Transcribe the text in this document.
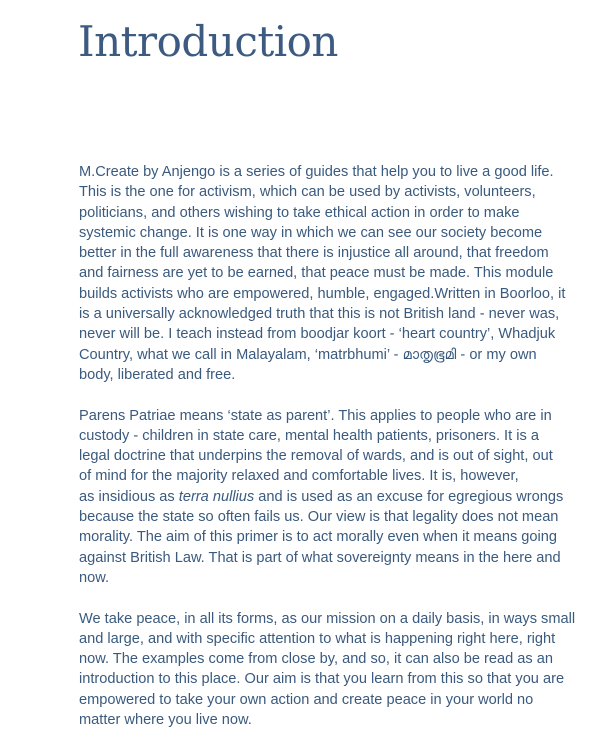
Introduction

M.Create by Anjengo is a series of guides that help you to live a good life.
This is the one for activism, which can be used by activists, volunteers,
politicians, and others wishing to take ethical action in order to make
systemic change. It is one way in which we can see our society become
better in the full awareness that there is injustice all around, that freedom
and fairness are yet to be earned, that peace must be made. This module
builds activists who are empowered, humble, engaged.Written in Boorloo, it
is a universally acknowledged truth that this is not British land - never was,
never will be. I teach instead from boodjar koort - ‘heart country’, Whadjuk
Country, what we call in Malayalam, ‘matrbhumi’ - മാതൃഭൂമി - or my own
body, liberated and free.

Parens Patriae means ‘state as parent’. This applies to people who are in
custody - children in state care, mental health patients, prisoners. It is a
legal doctrine that underpins the removal of wards, and is out of sight, out
of mind for the majority relaxed and comfortable lives. It is, however,
as insidious as terra nullius and is used as an excuse for egregious wrongs
because the state so often fails us. Our view is that legality does not mean
morality. The aim of this primer is to act morally even when it means going
against British Law. That is part of what sovereignty means in the here and
now.

We take peace, in all its forms, as our mission on a daily basis, in ways small
and large, and with specific attention to what is happening right here, right
now. The examples come from close by, and so, it can also be read as an
introduction to this place. Our aim is that you learn from this so that you are
empowered to take your own action and create peace in your world no
matter where you live now.
